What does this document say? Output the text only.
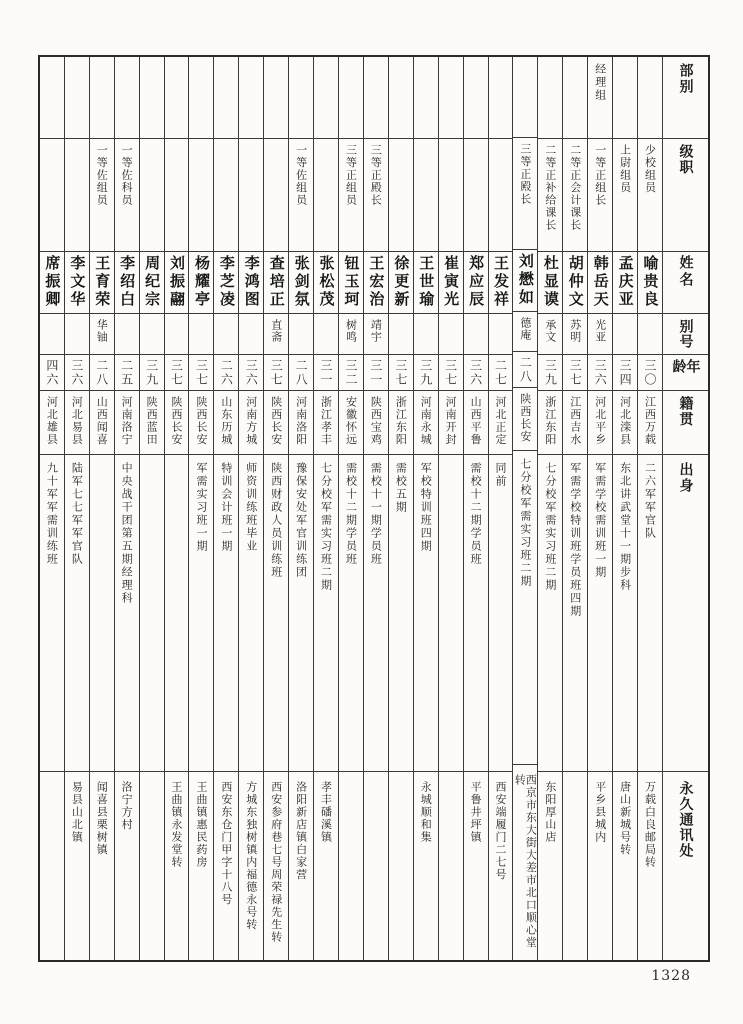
部别
级职
姓名
别号
年龄
籍贯
出身
永久通讯处
少校组员
喻贵良
三〇
江西万载
二六军军官队
万载白良邮局转
上尉组员
孟庆亚
三四
河北滦县
东北讲武堂十一期步科
唐山新城号转
经理组
一等正组长
韩岳天
光亚
三六
河北平乡
军需学校需训班一期
平乡县城内
二等正会计课长
胡仲文
苏明
三七
江西吉水
军需学校特训班学员班四期
二等正补给课长
杜显谟
承文
三九
浙江东阳
七分校军需实习班二期
东阳厚山店
三等正殿长
刘懋如
德庵
二八
陕西长安
七分校军需实习班二期
西京市东大街大差市北口顺心堂转
王发祥
二七
河北正定
同前
西安端履门二七号
郑应辰
三六
山西平鲁
需校十二期学员班
平鲁井坪镇
崔寅光
三七
河南开封
王世瑜
三九
河南永城
军校特训班四期
永城顺和集
徐更新
三七
浙江东阳
需校五期
三等正殿长
王宏治
靖宇
三一
陕西宝鸡
需校十一期学员班
三等正组员
钮玉珂
树鸣
三二
安徽怀远
需校十二期学员班
张松茂
三一
浙江孝丰
七分校军需实习班二期
孝丰磻溪镇
一等佐组员
张剑氛
二八
河南洛阳
豫保安处军官训练团
洛阳新店镇白家营
查培正
直斋
三七
陕西长安
陕西财政人员训练班
西安参府巷七号周荣禄先生转
李鸿图
三六
河南方城
师资训练班毕业
方城东独树镇内福德永号转
李芝凌
二六
山东历城
特训会计班一期
西安东仓门甲字十八号
杨耀亭
三七
陕西长安
军需实习班一期
王曲镇惠民药房
刘振翮
三七
陕西长安
王曲镇永发堂转
周纪宗
三九
陕西蓝田
一等佐科员
李绍白
二五
河南洛宁
中央战干团第五期经理科
洛宁方村
一等佐组员
王育荣
华铀
二八
山西闻喜
闻喜县栗树镇
李文华
三六
河北易县
陆军七七军军官队
易县山北镇
席振卿
四六
河北雄县
九十军军需训练班
1328
